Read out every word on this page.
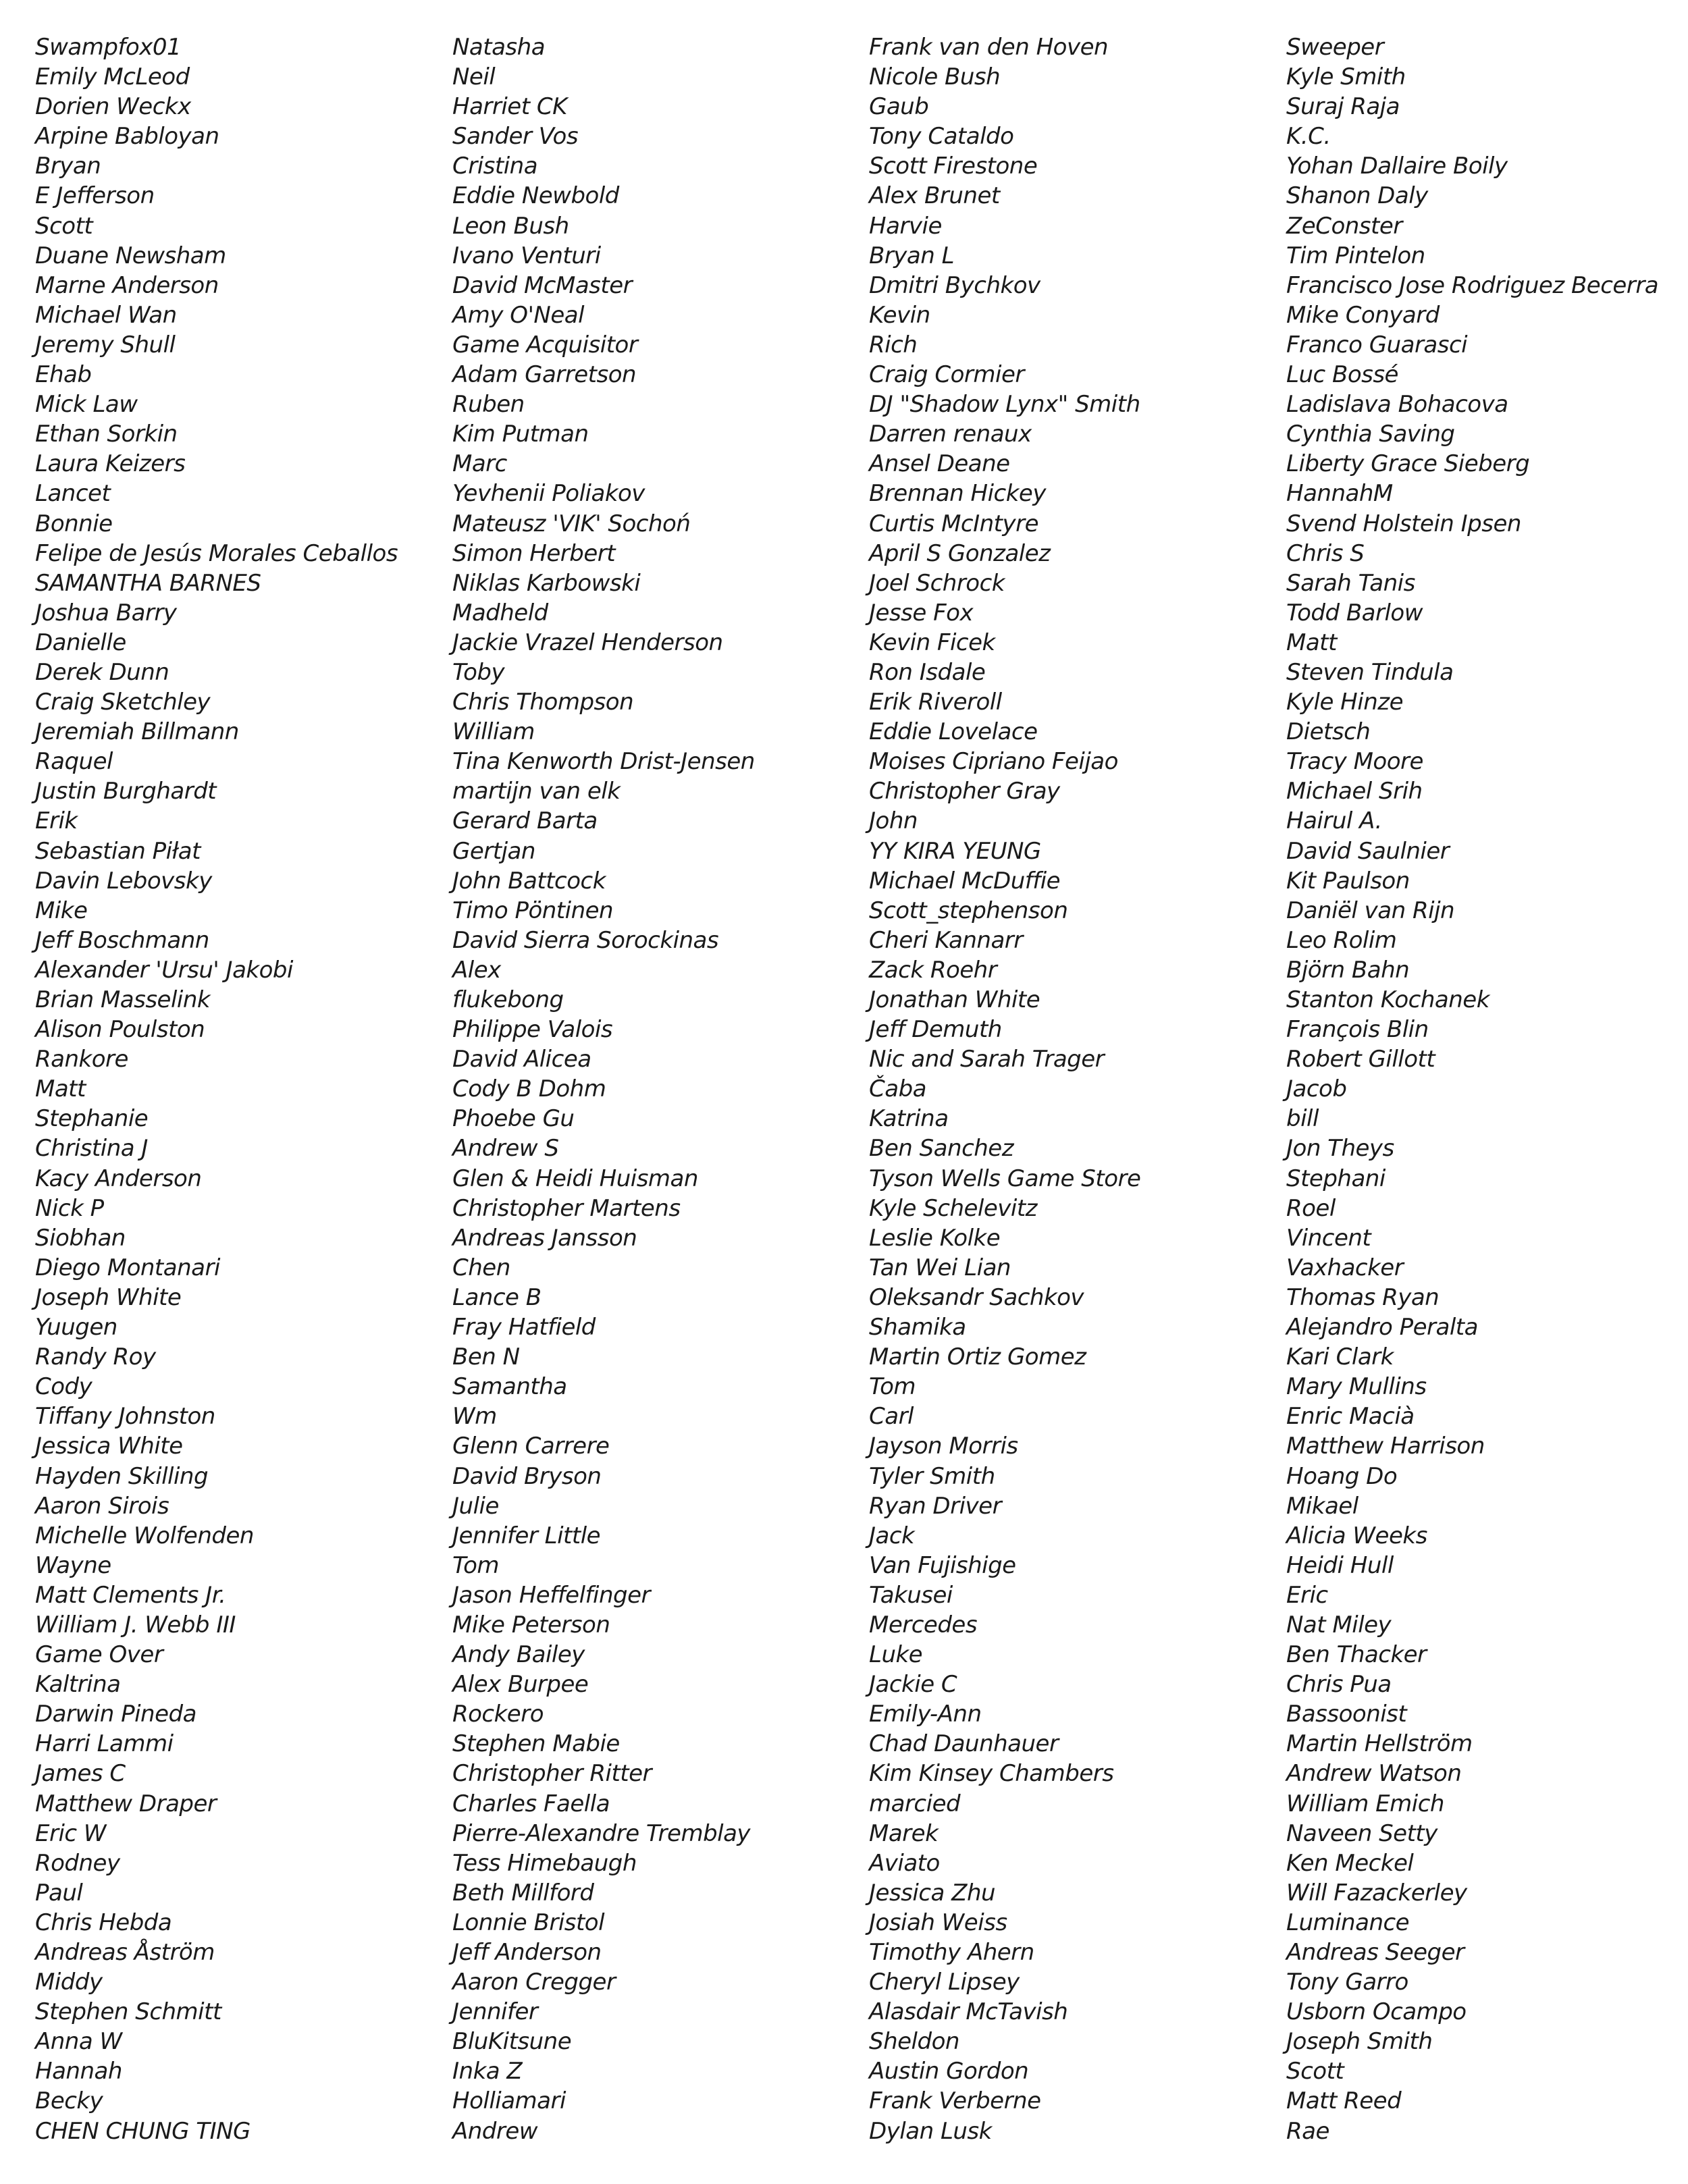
Swampfox01
Emily McLeod
Dorien Weckx
Arpine Babloyan
Bryan
E Jefferson
Scott
Duane Newsham
Marne Anderson
Michael Wan
Jeremy Shull
Ehab
Mick Law
Ethan Sorkin
Laura Keizers
Lancet
Bonnie
Felipe de Jesús Morales Ceballos
SAMANTHA BARNES
Joshua Barry
Danielle
Derek Dunn
Craig Sketchley
Jeremiah Billmann
Raquel
Justin Burghardt
Erik
Sebastian Piłat
Davin Lebovsky
Mike
Jeff Boschmann
Alexander 'Ursu' Jakobi
Brian Masselink
Alison Poulston
Rankore
Matt
Stephanie
Christina J
Kacy Anderson
Nick P
Siobhan
Diego Montanari
Joseph White
Yuugen
Randy Roy
Cody
Tiffany Johnston
Jessica White
Hayden Skilling
Aaron Sirois
Michelle Wolfenden
Wayne
Matt Clements Jr.
William J. Webb III
Game Over
Kaltrina
Darwin Pineda
Harri Lammi
James C
Matthew Draper
Eric W
Rodney
Paul
Chris Hebda
Andreas Åström
Middy
Stephen Schmitt
Anna W
Hannah
Becky
CHEN CHUNG TING
Natasha
Neil
Harriet CK
Sander Vos
Cristina
Eddie Newbold
Leon Bush
Ivano Venturi
David McMaster
Amy O'Neal
Game Acquisitor
Adam Garretson
Ruben
Kim Putman
Marc
Yevhenii Poliakov
Mateusz 'VIK' Sochoń
Simon Herbert
Niklas Karbowski
Madheld
Jackie Vrazel Henderson
Toby
Chris Thompson
William
Tina Kenworth Drist-Jensen
martijn van elk
Gerard Barta
Gertjan
John Battcock
Timo Pöntinen
David Sierra Sorockinas
Alex
flukebong
Philippe Valois
David Alicea
Cody B Dohm
Phoebe Gu
Andrew S
Glen & Heidi Huisman
Christopher Martens
Andreas Jansson
Chen
Lance B
Fray Hatfield
Ben N
Samantha
Wm
Glenn Carrere
David Bryson
Julie
Jennifer Little
Tom
Jason Heffelfinger
Mike Peterson
Andy Bailey
Alex Burpee
Rockero
Stephen Mabie
Christopher Ritter
Charles Faella
Pierre-Alexandre Tremblay
Tess Himebaugh
Beth Millford
Lonnie Bristol
Jeff Anderson
Aaron Cregger
Jennifer
BluKitsune
Inka Z
Holliamari
Andrew
Frank van den Hoven
Nicole Bush
Gaub
Tony Cataldo
Scott Firestone
Alex Brunet
Harvie
Bryan L
Dmitri Bychkov
Kevin
Rich
Craig Cormier
DJ "Shadow Lynx" Smith
Darren renaux
Ansel Deane
Brennan Hickey
Curtis McIntyre
April S Gonzalez
Joel Schrock
Jesse Fox
Kevin Ficek
Ron Isdale
Erik Riveroll
Eddie Lovelace
Moises Cipriano Feijao
Christopher Gray
John
YY KIRA YEUNG
Michael McDuffie
Scott_stephenson
Cheri Kannarr
Zack Roehr
Jonathan White
Jeff Demuth
Nic and Sarah Trager
Čaba
Katrina
Ben Sanchez
Tyson Wells Game Store
Kyle Schelevitz
Leslie Kolke
Tan Wei Lian
Oleksandr Sachkov
Shamika
Martin Ortiz Gomez
Tom
Carl
Jayson Morris
Tyler Smith
Ryan Driver
Jack
Van Fujishige
Takusei
Mercedes
Luke
Jackie C
Emily-Ann
Chad Daunhauer
Kim Kinsey Chambers
marcied
Marek
Aviato
Jessica Zhu
Josiah Weiss
Timothy Ahern
Cheryl Lipsey
Alasdair McTavish
Sheldon
Austin Gordon
Frank Verberne
Dylan Lusk
Sweeper
Kyle Smith
Suraj Raja
K.C.
Yohan Dallaire Boily
Shanon Daly
ZeConster
Tim Pintelon
Francisco Jose Rodriguez Becerra
Mike Conyard
Franco Guarasci
Luc Bossé
Ladislava Bohacova
Cynthia Saving
Liberty Grace Sieberg
HannahM
Svend Holstein Ipsen
Chris S
Sarah Tanis
Todd Barlow
Matt
Steven Tindula
Kyle Hinze
Dietsch
Tracy Moore
Michael Srih
Hairul A.
David Saulnier
Kit Paulson
Daniël van Rijn
Leo Rolim
Björn Bahn
Stanton Kochanek
François Blin
Robert Gillott
Jacob
bill
Jon Theys
Stephani
Roel
Vincent
Vaxhacker
Thomas Ryan
Alejandro Peralta
Kari Clark
Mary Mullins
Enric Macià
Matthew Harrison
Hoang Do
Mikael
Alicia Weeks
Heidi Hull
Eric
Nat Miley
Ben Thacker
Chris Pua
Bassoonist
Martin Hellström
Andrew Watson
William Emich
Naveen Setty
Ken Meckel
Will Fazackerley
Luminance
Andreas Seeger
Tony Garro
Usborn Ocampo
Joseph Smith
Scott
Matt Reed
Rae
